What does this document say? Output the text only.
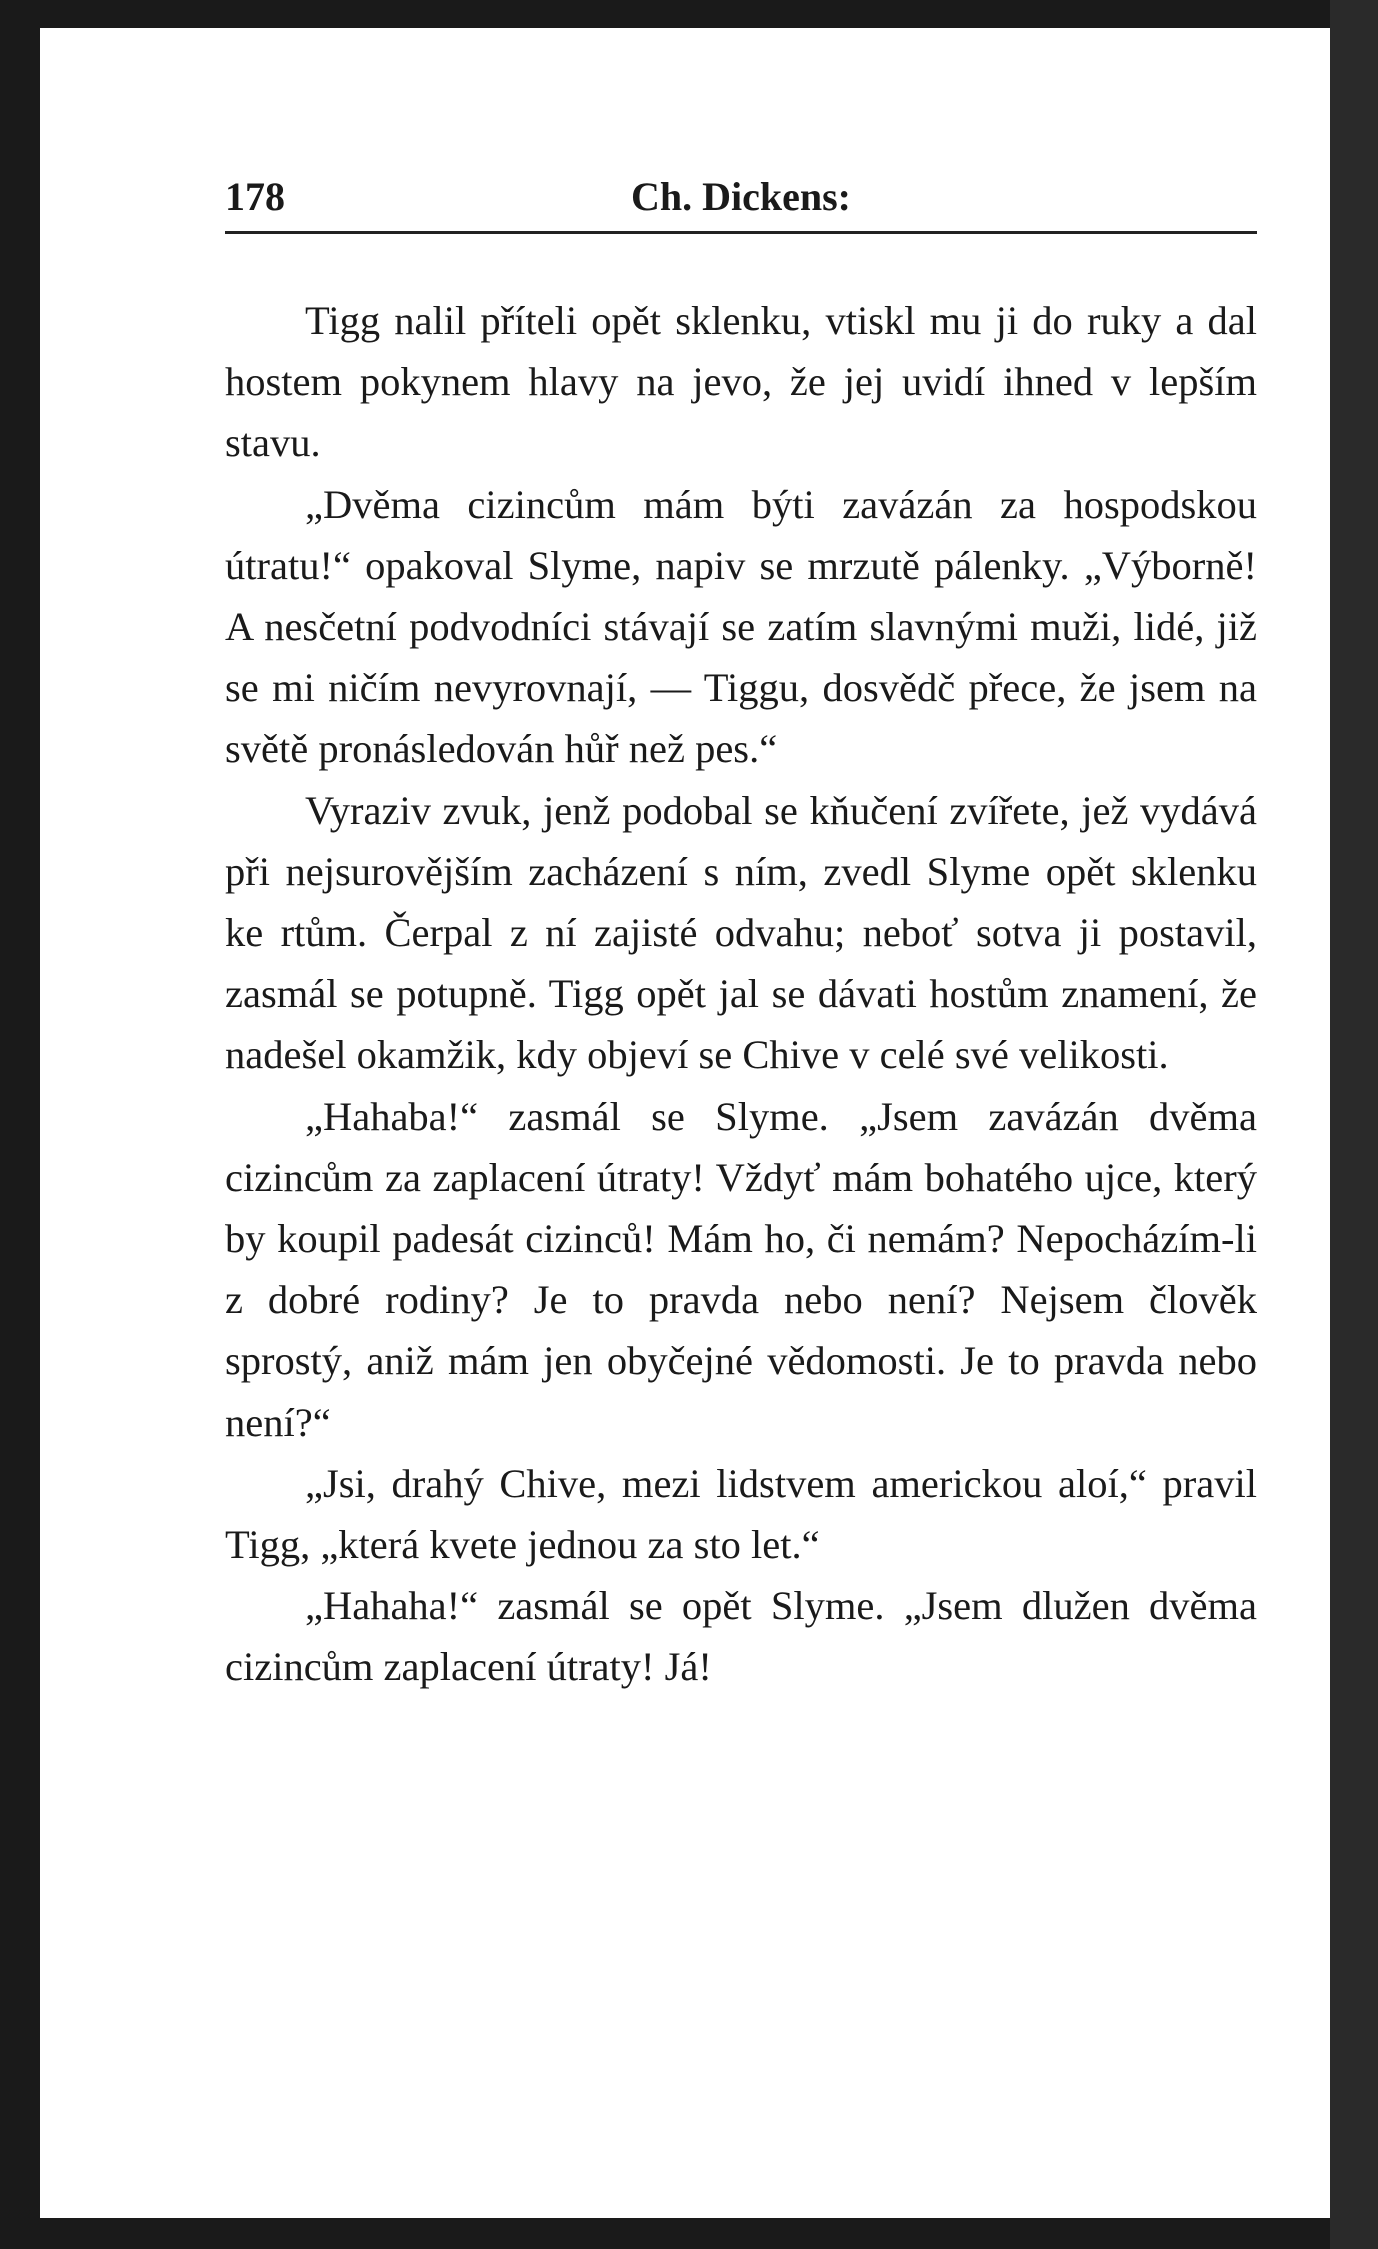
178	Ch. Dickens:

Tigg nalil příteli opět sklenku, vtiskl mu ji do ruky a dal hostem pokynem hlavy na jevo, že jej uvidí ihned v lepším stavu.

„Dvěma cizincům mám býti zavázán za hospodskou útratu!“ opakoval Slyme, napiv se mrzutě pálenky. „Výborně! A nesčetní podvodníci stávají se zatím slavnými muži, lidé, již se mi ničím nevyrovnají, — Tiggu, dosvědč přece, že jsem na světě pronásledován hůř než pes.“

Vyraziv zvuk, jenž podobal se kňučení zvířete, jež vydává při nejsurovějším zacházení s ním, zvedl Slyme opět sklenku ke rtům. Čerpal z ní zajisté odvahu; neboť sotva ji postavil, zasmál se potupně. Tigg opět jal se dávati hostům znamení, že nadešel okamžik, kdy objeví se Chive v celé své velikosti.

„Hahaba!“ zasmál se Slyme. „Jsem zavázán dvěma cizincům za zaplacení útraty! Vždyť mám bohatého ujce, který by koupil padesát cizinců! Mám ho, či nemám? Nepocházím-li z dobré rodiny? Je to pravda nebo není? Nejsem člověk sprostý, aniž mám jen obyčejné vědomosti. Je to pravda nebo není?“

„Jsi, drahý Chive, mezi lidstvem americkou aloí,“ pravil Tigg, „která kvete jednou za sto let.“

„Hahaha!“ zasmál se opět Slyme. „Jsem dlužen dvěma cizincům zaplacení útraty! Já!
